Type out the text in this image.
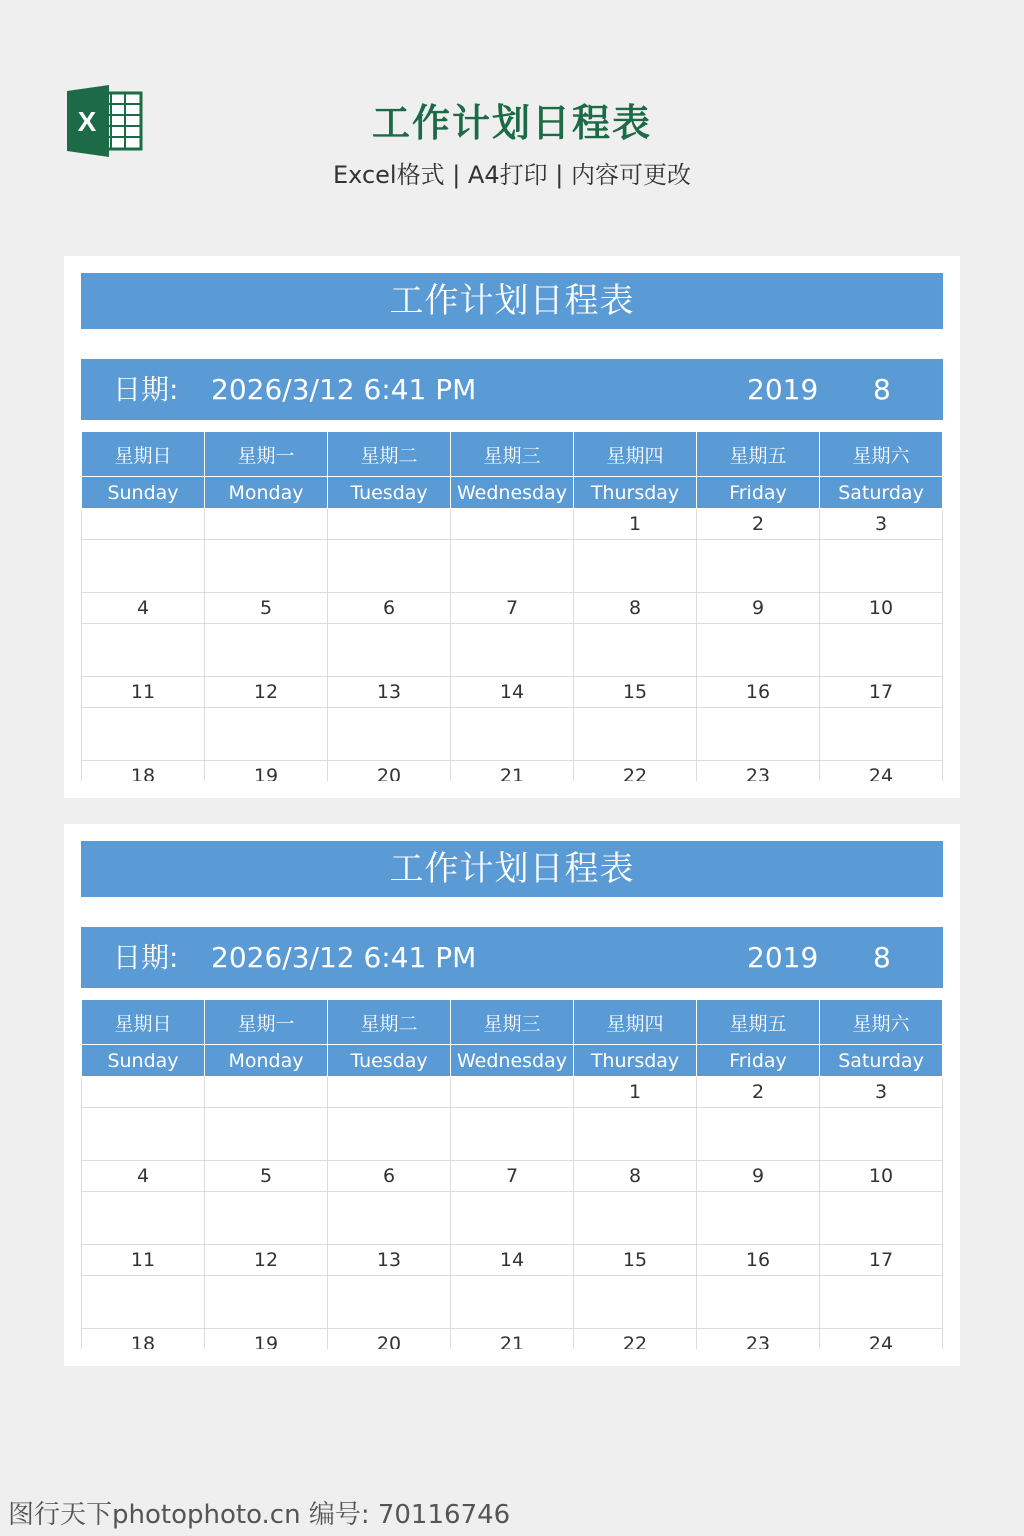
X	工作计划日程表
Excel格式 | A4打印 | 内容可更改
工作计划日程表
日期: 2026/3/12 6:41 PM	2019 8
星期日	星期一	星期二	星期三	星期四	星期五	星期六
Sunday	Monday	Tuesday	Wednesday	Thursday	Friday	Saturday
				1	2	3

4	5	6	7	8	9	10

11	12	13	14	15	16	17

18	19	20	21	22	23	24
工作计划日程表
日期: 2026/3/12 6:41 PM	2019 8
星期日	星期一	星期二	星期三	星期四	星期五	星期六
Sunday	Monday	Tuesday	Wednesday	Thursday	Friday	Saturday
				1	2	3

4	5	6	7	8	9	10

11	12	13	14	15	16	17

18	19	20	21	22	23	24
图行天下photophoto.cn 编号: 70116746
